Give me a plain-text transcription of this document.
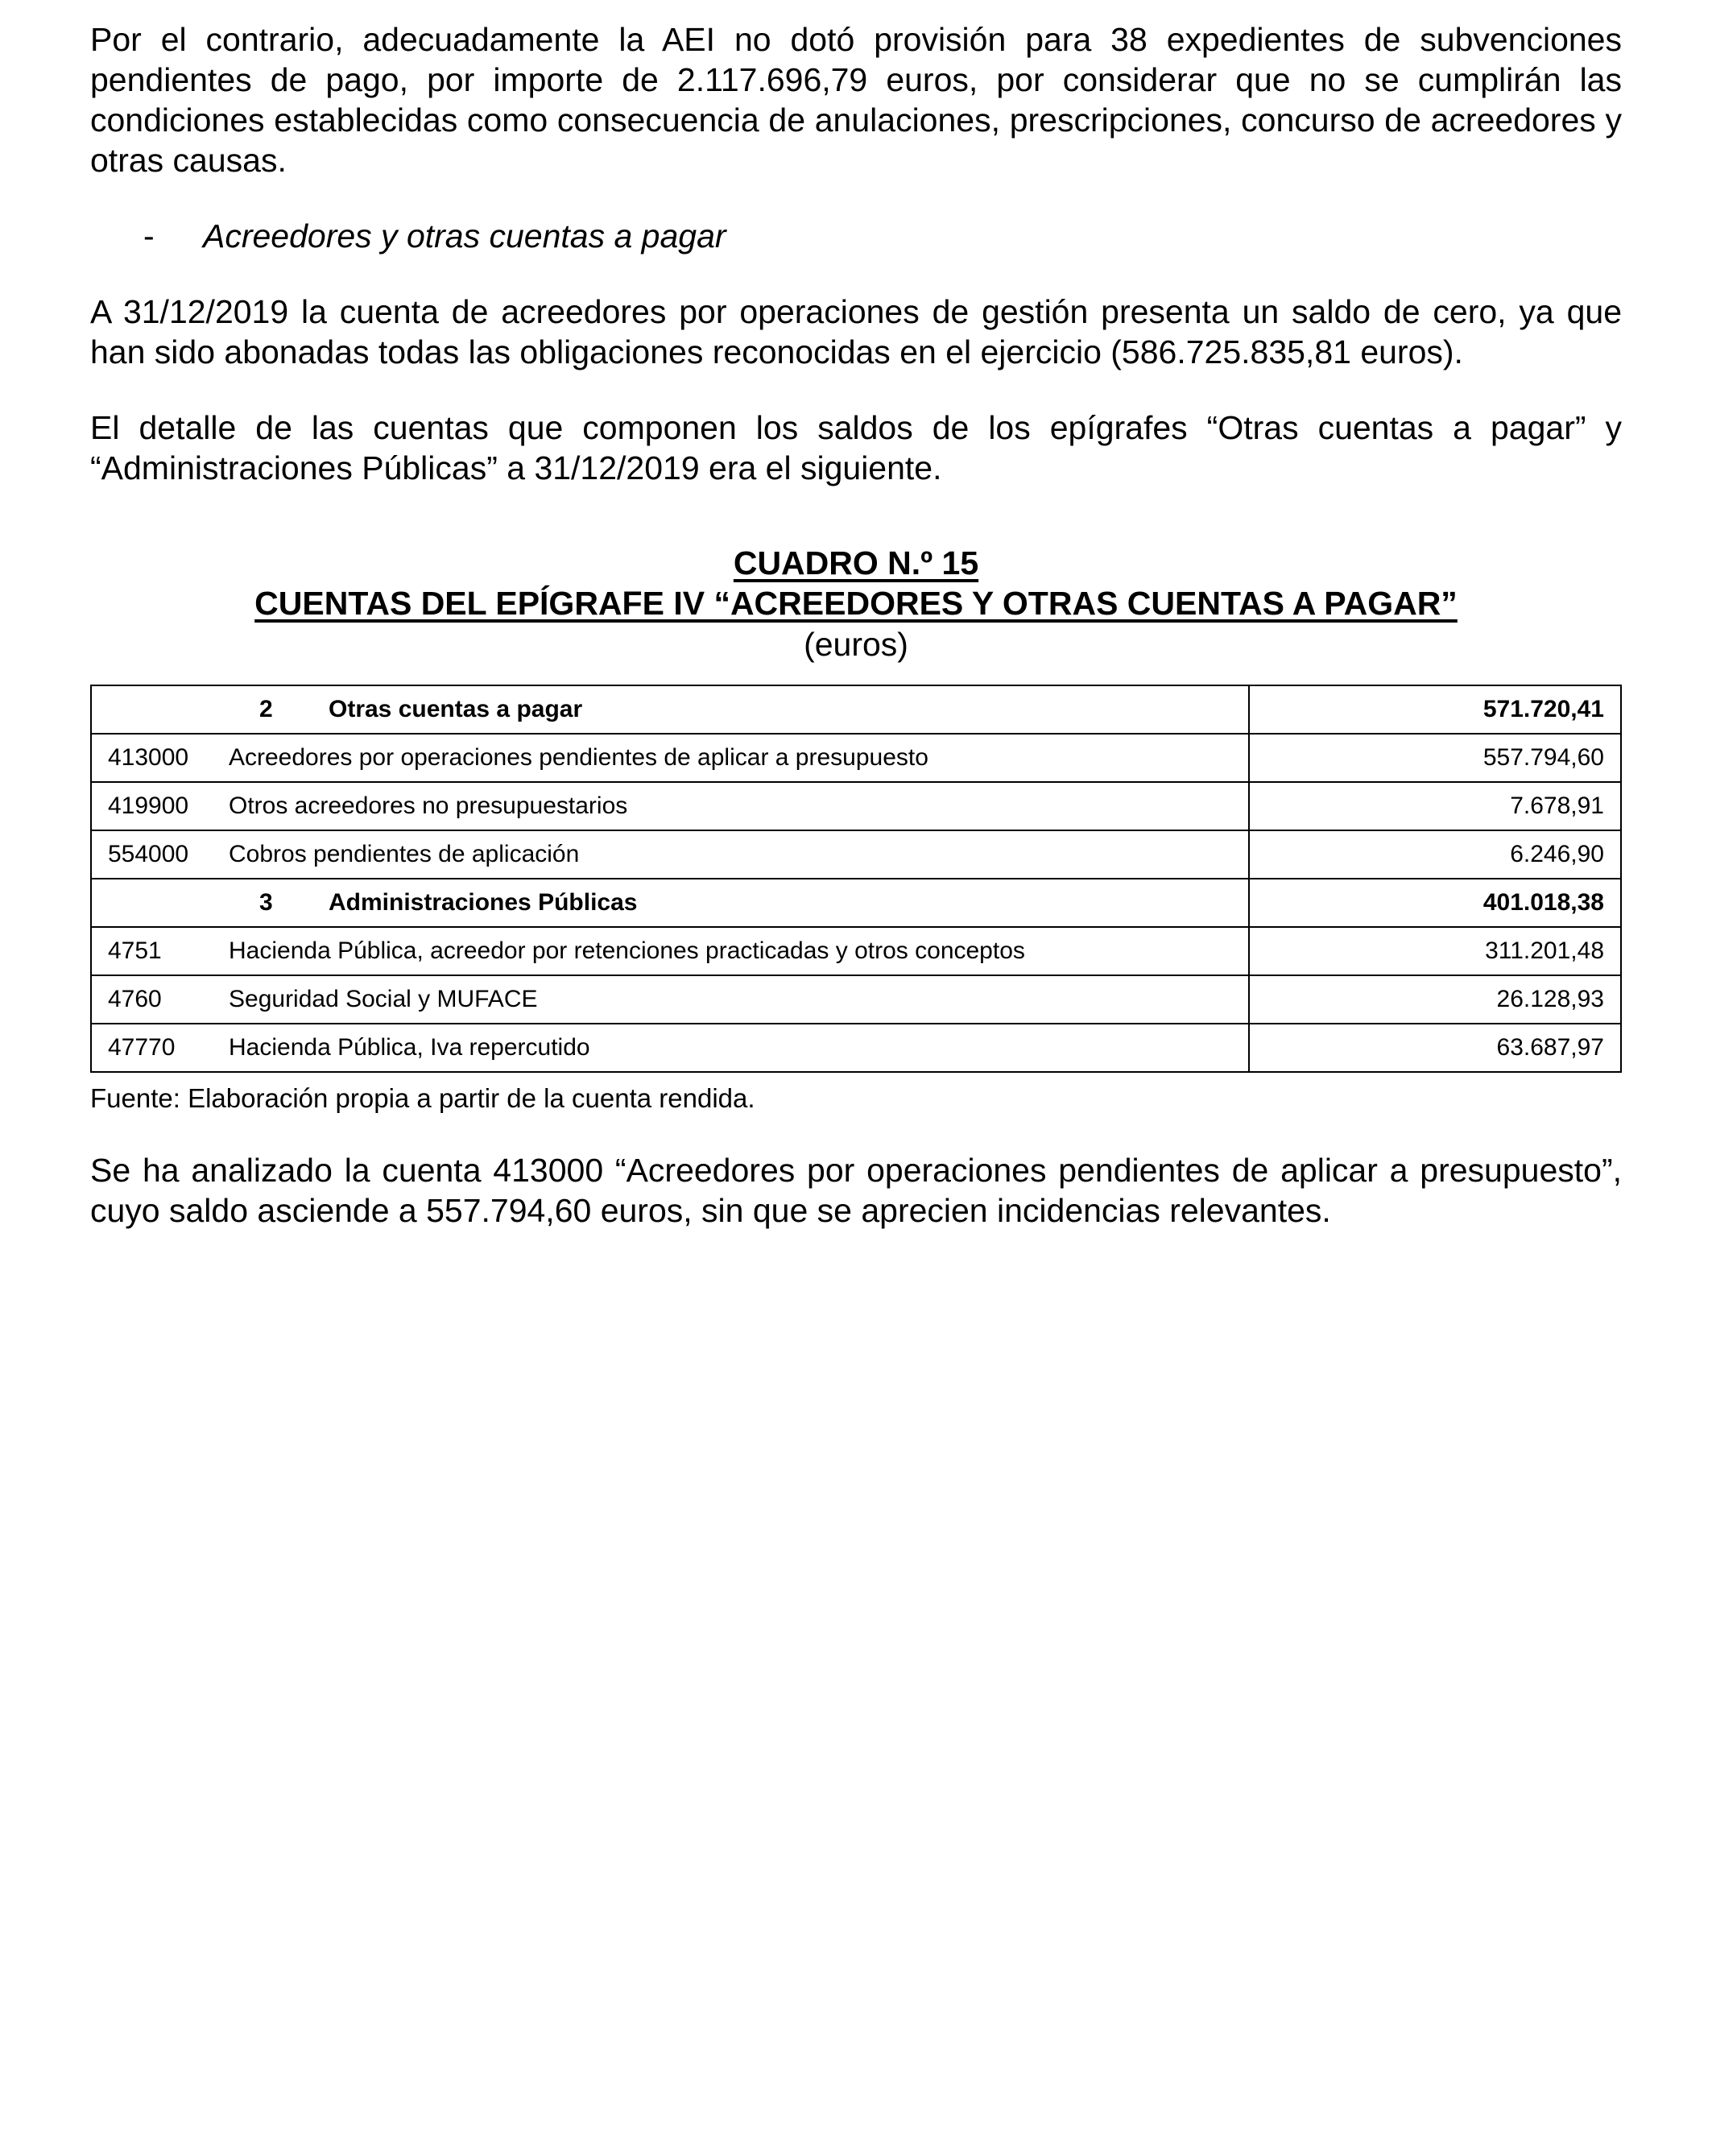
Por el contrario, adecuadamente la AEI no dotó provisión para 38 expedientes de subvenciones pendientes de pago, por importe de 2.117.696,79 euros, por considerar que no se cumplirán las condiciones establecidas como consecuencia de anulaciones, prescripciones, concurso de acreedores y otras causas.

-	Acreedores y otras cuentas a pagar

A 31/12/2019 la cuenta de acreedores por operaciones de gestión presenta un saldo de cero, ya que han sido abonadas todas las obligaciones reconocidas en el ejercicio (586.725.835,81 euros).

El detalle de las cuentas que componen los saldos de los epígrafes “Otras cuentas a pagar” y “Administraciones Públicas” a 31/12/2019 era el siguiente.

CUADRO N.º 15
CUENTAS DEL EPÍGRAFE IV “ACREEDORES Y OTRAS CUENTAS A PAGAR”
(euros)
2 Otras cuentas a pagar	571.720,41
413000 Acreedores por operaciones pendientes de aplicar a presupuesto	557.794,60
419900 Otros acreedores no presupuestarios	7.678,91
554000 Cobros pendientes de aplicación	6.246,90
3 Administraciones Públicas	401.018,38
4751 Hacienda Pública, acreedor por retenciones practicadas y otros conceptos	311.201,48
4760 Seguridad Social y MUFACE	26.128,93
47770 Hacienda Pública, Iva repercutido	63.687,97
Fuente: Elaboración propia a partir de la cuenta rendida.

Se ha analizado la cuenta 413000 “Acreedores por operaciones pendientes de aplicar a presupuesto”, cuyo saldo asciende a 557.794,60 euros, sin que se aprecien incidencias relevantes.
